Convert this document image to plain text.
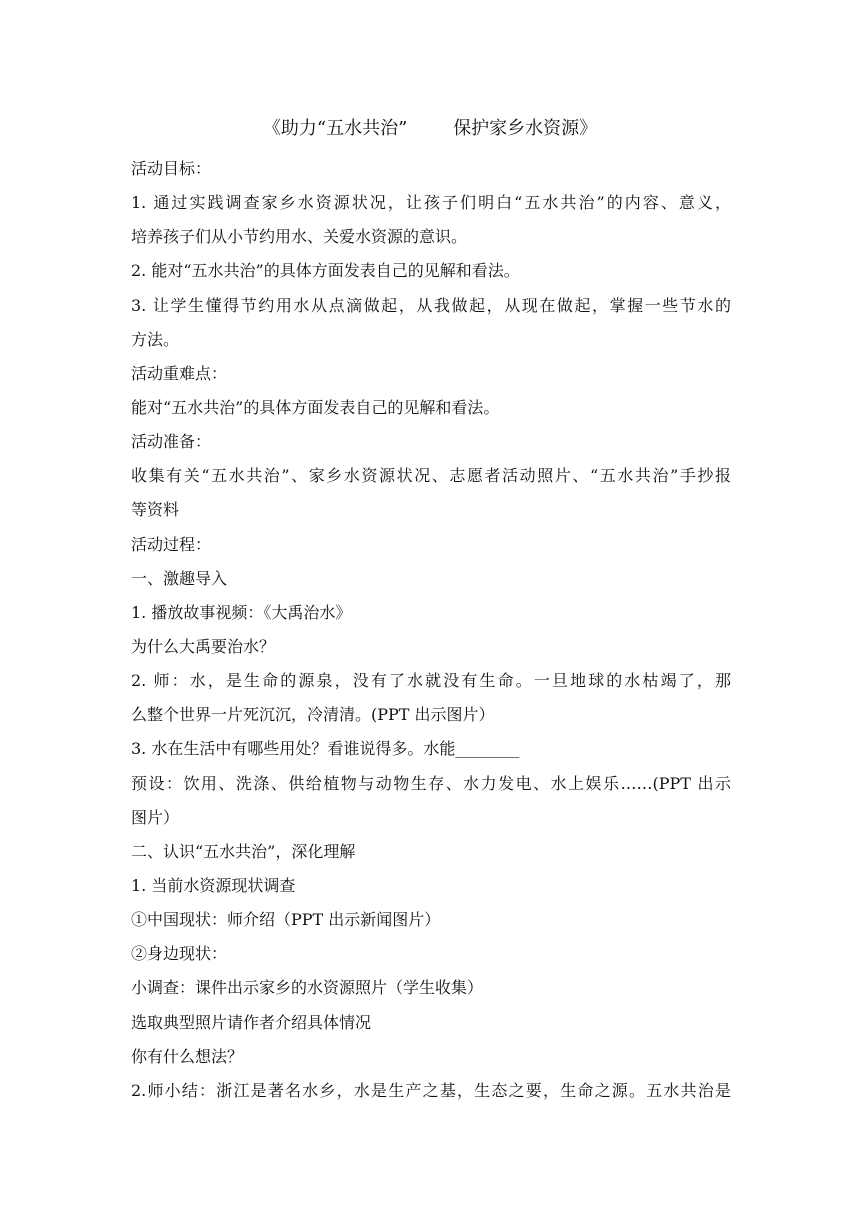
《助力“五水共治”        保护家乡水资源》
活动目标：
1. 通过实践调查家乡水资源状况，让孩子们明白“五水共治”的内容、意义，
培养孩子们从小节约用水、关爱水资源的意识。
2. 能对“五水共治”的具体方面发表自己的见解和看法。
3. 让学生懂得节约用水从点滴做起，从我做起，从现在做起，掌握一些节水的
方法。
活动重难点：
能对“五水共治”的具体方面发表自己的见解和看法。
活动准备：
收集有关“五水共治”、家乡水资源状况、志愿者活动照片、“五水共治”手抄报
等资料
活动过程：
一、激趣导入
1. 播放故事视频：《大禹治水》
为什么大禹要治水？
2. 师：水，是生命的源泉，没有了水就没有生命。一旦地球的水枯竭了，那
么整个世界一片死沉沉，冷清清。(PPT 出示图片）
3. 水在生活中有哪些用处？看谁说得多。水能________
预设：饮用、洗涤、供给植物与动物生存、水力发电、水上娱乐……(PPT 出示
图片）
二、认识“五水共治”，深化理解
1. 当前水资源现状调查
①中国现状：师介绍（PPT 出示新闻图片）
②身边现状：
小调查：课件出示家乡的水资源照片（学生收集）
选取典型照片请作者介绍具体情况
你有什么想法？
2.师小结：浙江是著名水乡，水是生产之基，生态之要，生命之源。五水共治是
